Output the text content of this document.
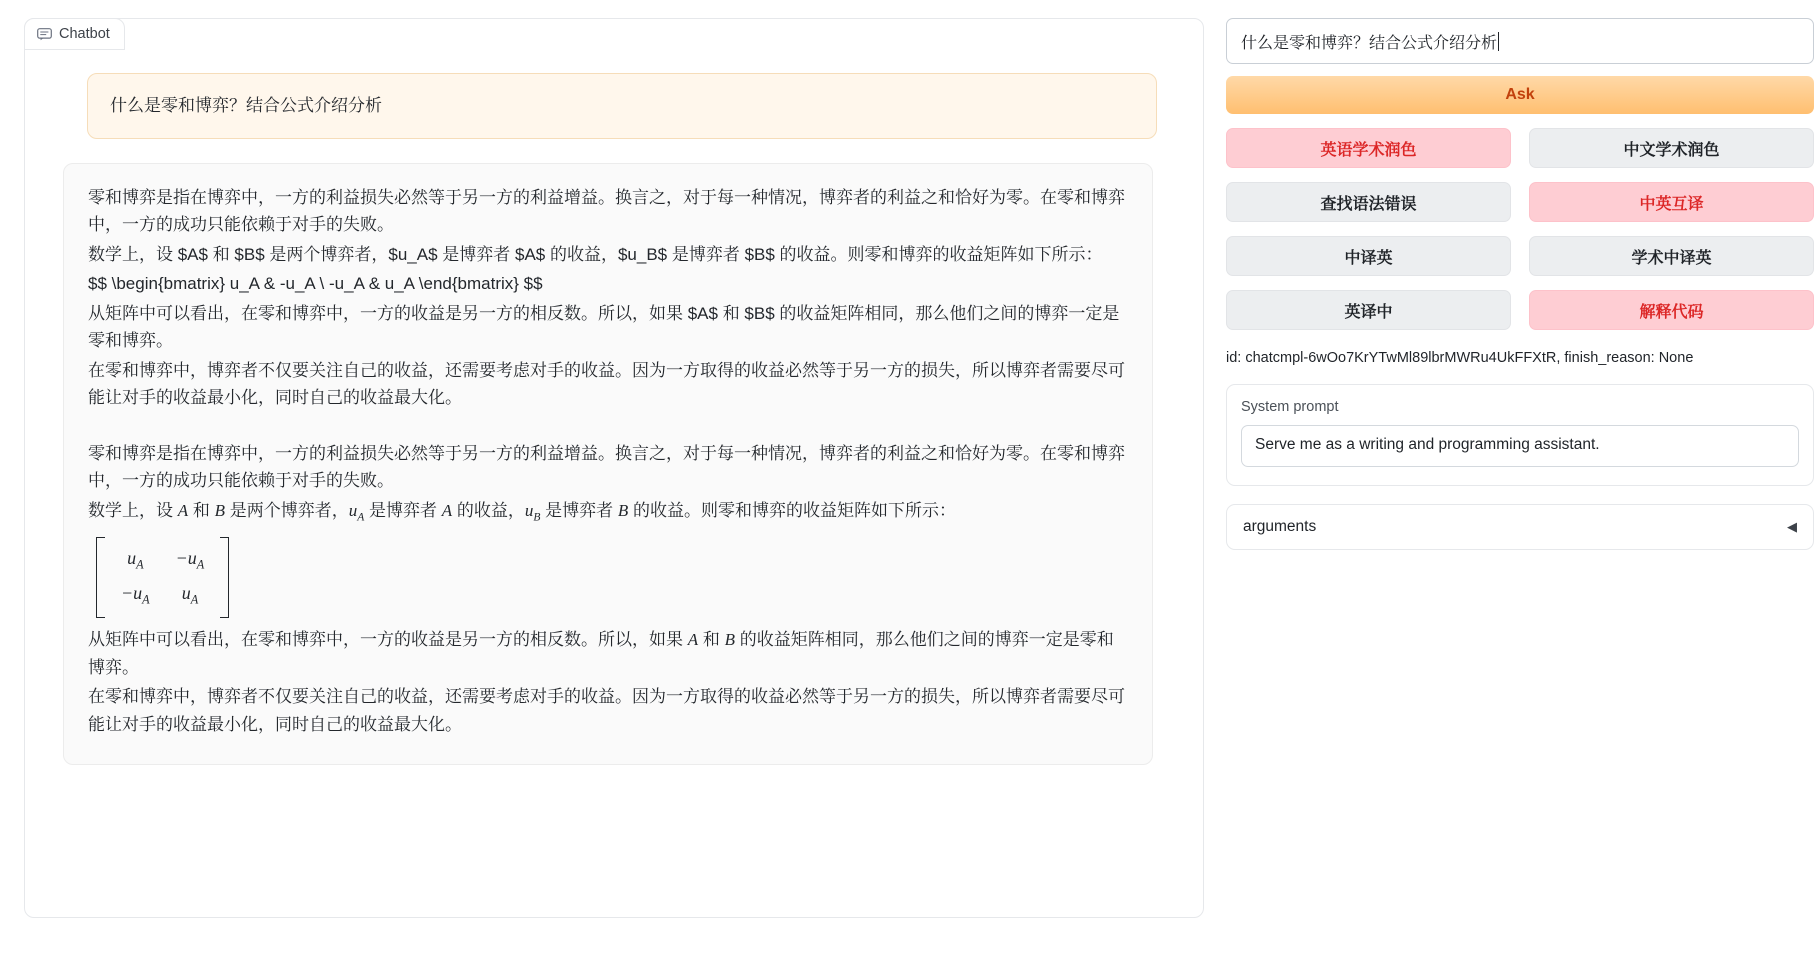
Chatbot
什么是零和博弈？结合公式介绍分析

零和博弈是指在博弈中，一方的利益损失必然等于另一方的利益增益。换言之，对于每一种情况，博弈者的利益之和恰好为零。在零和博弈中，一方的成功只能依赖于对手的失败。

数学上，设 $A$ 和 $B$ 是两个博弈者，$u_A$ 是博弈者 $A$ 的收益，$u_B$ 是博弈者 $B$ 的收益。则零和博弈的收益矩阵如下所示：

$$ \begin{bmatrix} u_A & -u_A \ -u_A & u_A \end{bmatrix} $$

从矩阵中可以看出，在零和博弈中，一方的收益是另一方的相反数。所以，如果 $A$ 和 $B$ 的收益矩阵相同，那么他们之间的博弈一定是零和博弈。

在零和博弈中，博弈者不仅要关注自己的收益，还需要考虑对手的收益。因为一方取得的收益必然等于另一方的损失，所以博弈者需要尽可能让对手的收益最小化，同时自己的收益最大化。

零和博弈是指在博弈中，一方的利益损失必然等于另一方的利益增益。换言之，对于每一种情况，博弈者的利益之和恰好为零。在零和博弈中，一方的成功只能依赖于对手的失败。

数学上，设 A 和 B 是两个博弈者，$u_A$ 是博弈者 A 的收益，$u_B$ 是博弈者 B 的收益。则零和博弈的收益矩阵如下所示：

$u_A$	$-u_A$
$-u_A$	$u_A$

从矩阵中可以看出，在零和博弈中，一方的收益是另一方的相反数。所以，如果 A 和 B 的收益矩阵相同，那么他们之间的博弈一定是零和博弈。

在零和博弈中，博弈者不仅要关注自己的收益，还需要考虑对手的收益。因为一方取得的收益必然等于另一方的损失，所以博弈者需要尽可能让对手的收益最小化，同时自己的收益最大化。

什么是零和博弈？结合公式介绍分析
Ask
英语学术润色	中文学术润色
查找语法错误	中英互译
中译英	学术中译英
英译中	解释代码
id: chatcmpl-6wOo7KrYTwMl89lbrMWRu4UkFFXtR, finish_reason: None
System prompt
Serve me as a writing and programming assistant.
arguments	◀
